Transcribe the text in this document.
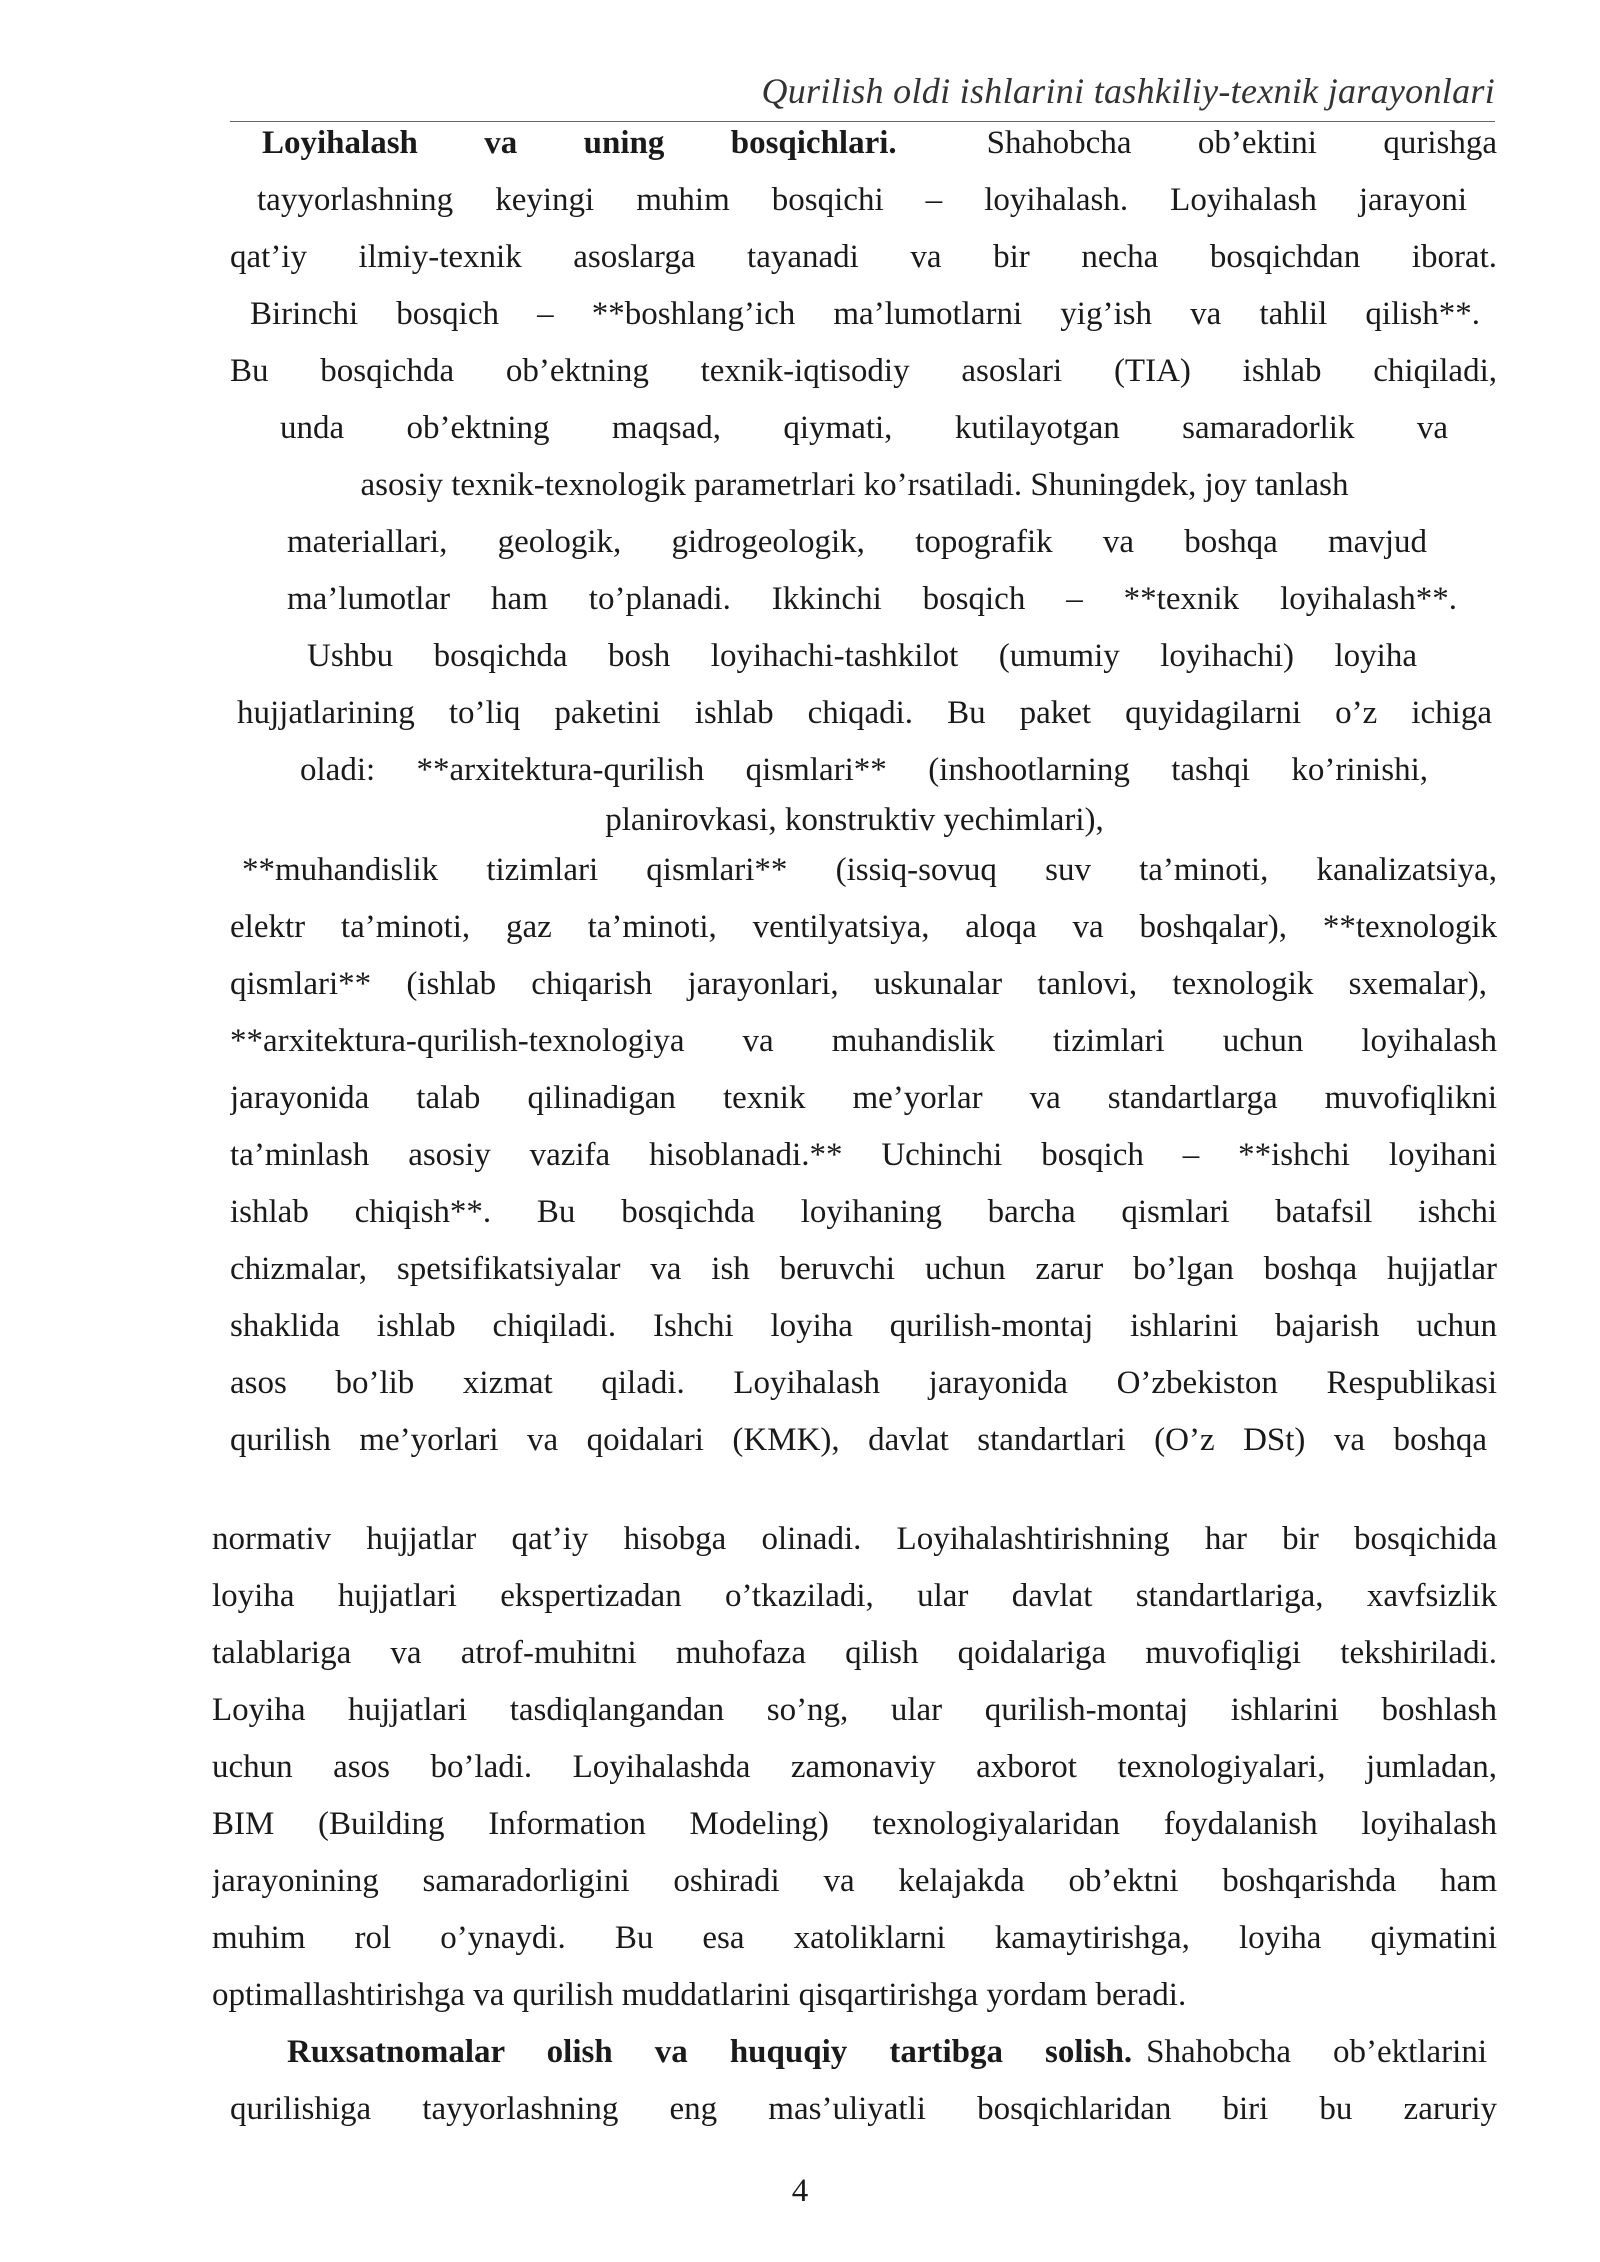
Qurilish oldi ishlarini tashkiliy-texnik jarayonlari
Loyihalash va uning bosqichlari.	Shahobcha ob’ektini qurishga
tayyorlashning keyingi muhim bosqichi – loyihalash. Loyihalash jarayoni
qat’iy ilmiy-texnik asoslarga tayanadi va bir necha bosqichdan iborat.
Birinchi bosqich – **boshlang’ich ma’lumotlarni yig’ish va tahlil qilish**.
Bu bosqichda ob’ektning texnik-iqtisodiy asoslari (TIA) ishlab chiqiladi,
unda ob’ektning maqsad, qiymati, kutilayotgan samaradorlik va
asosiy texnik-texnologik parametrlari ko’rsatiladi. Shuningdek, joy tanlash
materiallari, geologik, gidrogeologik, topografik va boshqa mavjud
ma’lumotlar ham to’planadi. Ikkinchi bosqich – **texnik loyihalash**.
Ushbu bosqichda bosh loyihachi-tashkilot (umumiy loyihachi) loyiha
hujjatlarining to’liq paketini ishlab chiqadi. Bu paket quyidagilarni o’z ichiga
oladi: **arxitektura-qurilish qismlari** (inshootlarning tashqi ko’rinishi,
planirovkasi, konstruktiv yechimlari),
**muhandislik tizimlari qismlari** (issiq-sovuq suv ta’minoti, kanalizatsiya,
elektr ta’minoti, gaz ta’minoti, ventilyatsiya, aloqa va boshqalar), **texnologik
qismlari** (ishlab chiqarish jarayonlari, uskunalar tanlovi, texnologik sxemalar),
**arxitektura-qurilish-texnologiya va muhandislik tizimlari uchun loyihalash
jarayonida talab qilinadigan texnik me’yorlar va standartlarga muvofiqlikni
ta’minlash asosiy vazifa hisoblanadi.** Uchinchi bosqich – **ishchi loyihani
ishlab chiqish**. Bu bosqichda loyihaning barcha qismlari batafsil ishchi
chizmalar, spetsifikatsiyalar va ish beruvchi uchun zarur bo’lgan boshqa hujjatlar
shaklida ishlab chiqiladi. Ishchi loyiha qurilish-montaj ishlarini bajarish uchun
asos bo’lib xizmat qiladi. Loyihalash jarayonida O’zbekiston Respublikasi
qurilish me’yorlari va qoidalari (KMK), davlat standartlari (O’z DSt) va boshqa
normativ hujjatlar qat’iy hisobga olinadi. Loyihalashtirishning har bir bosqichida
loyiha hujjatlari ekspertizadan o’tkaziladi, ular davlat standartlariga, xavfsizlik
talablariga va atrof-muhitni muhofaza qilish qoidalariga muvofiqligi tekshiriladi.
Loyiha hujjatlari tasdiqlangandan so’ng, ular qurilish-montaj ishlarini boshlash
uchun asos bo’ladi. Loyihalashda zamonaviy axborot texnologiyalari, jumladan,
BIM (Building Information Modeling) texnologiyalaridan foydalanish loyihalash
jarayonining samaradorligini oshiradi va kelajakda ob’ektni boshqarishda ham
muhim rol o’ynaydi. Bu esa xatoliklarni kamaytirishga, loyiha qiymatini
optimallashtirishga va qurilish muddatlarini qisqartirishga yordam beradi.
Ruxsatnomalar olish va huquqiy tartibga solish. Shahobcha ob’ektlarini
qurilishiga tayyorlashning eng mas’uliyatli bosqichlaridan biri bu zaruriy
4
